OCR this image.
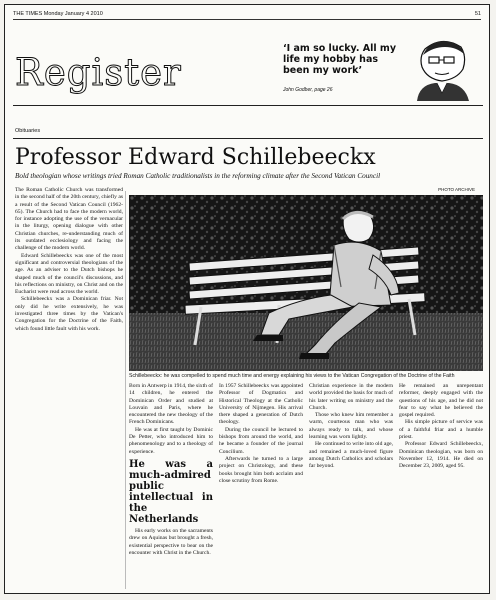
THE TIMES Monday January 4 2010	51
Register
‘I am so lucky. All my life my hobby has been my work’
John Godber, page 26
Obituaries
Professor Edward Schillebeeckx
Bold theologian whose writings tried Roman Catholic traditionalists in the reforming climate after the Second Vatican Council
PHOTO ARCHIVE

The Roman Catholic Church was transformed in the second half of the 20th century, chiefly as a result of the Second Vatican Council (1962-65). The Church had to face the modern world, for instance adopting the use of the vernacular in the liturgy, opening dialogue with other Christian churches, re-understanding much of its outdated ecclesiology and facing the challenge of the modern world.

Edward Schillebeeckx was one of the most significant and controversial theologians of the age. As an adviser to the Dutch bishops he shaped much of the council's discussions, and his reflections on ministry, on Christ and on the Eucharist were read across the world.

Schillebeeckx was a Dominican friar. Not only did he write extensively, he was investigated three times by the Vatican's Congregation for the Doctrine of the Faith, which found little fault with his work.

Schillebeeckx: he was compelled to spend much time and energy explaining his views to the Vatican Congregation of the Doctrine of the Faith

Born in Antwerp in 1914, the sixth of 14 children, he entered the Dominican Order and studied at Louvain and Paris, where he encountered the new theology of the French Dominicans.

He was at first taught by Dominic De Petter, who introduced him to phenomenology and to a theology of experience.

He was a much-admired public intellectual in the Netherlands

His early works on the sacraments drew on Aquinas but brought a fresh, existential perspective to bear on the encounter with Christ in the Church.

In 1957 Schillebeeckx was appointed Professor of Dogmatics and Historical Theology at the Catholic University of Nijmegen. His arrival there shaped a generation of Dutch theology.

During the council he lectured to bishops from around the world, and he became a founder of the journal Concilium.

Afterwards he turned to a large project on Christology, and these books brought him both acclaim and close scrutiny from Rome.

Christian experience in the modern world provided the basis for much of his later writing on ministry and the Church.

Those who knew him remember a warm, courteous man who was always ready to talk, and whose learning was worn lightly.

He continued to write into old age, and remained a much-loved figure among Dutch Catholics and scholars far beyond.

He remained an unrepentant reformer, deeply engaged with the questions of his age, and he did not fear to say what he believed the gospel required.

His simple picture of service was of a faithful friar and a humble priest.

Professor Edward Schillebeeckx, Dominican theologian, was born on November 12, 1914. He died on December 23, 2009, aged 95.
